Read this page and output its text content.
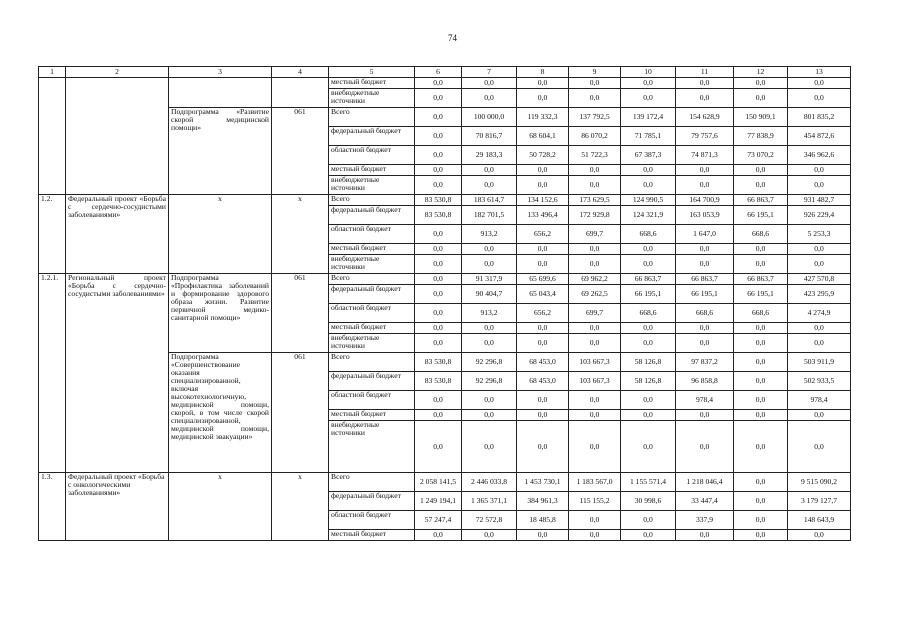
74
1	2	3	4	5	6	7	8	9	10	11	12	13
				местный бюджет	0,0	0,0	0,0	0,0	0,0	0,0	0,0	0,0
				внебюджетные источники	0,0	0,0	0,0	0,0	0,0	0,0	0,0	0,0
		Подпрограмма «Развитие скорой медицинской помощи»	061	Всего	0,0	100 000,0	119 332,3	137 792,5	139 172,4	154 628,9	150 909,1	801 835,2
				федеральный бюджет	0,0	70 816,7	68 604,1	86 070,2	71 785,1	79 757,6	77 838,9	454 872,6
				областной бюджет	0,0	29 183,3	50 728,2	51 722,3	67 387,3	74 871,3	73 070,2	346 962,6
				местный бюджет	0,0	0,0	0,0	0,0	0,0	0,0	0,0	0,0
				внебюджетные источники	0,0	0,0	0,0	0,0	0,0	0,0	0,0	0,0
1.2.	Федеральный проект «Борьба с сердечно-сосудистыми заболеваниями»	х	х	Всего	83 530,8	183 614,7	134 152,6	173 629,5	124 990,5	164 700,9	66 863,7	931 482,7
				федеральный бюджет	83 530,8	182 701,5	133 496,4	172 929,8	124 321,9	163 053,9	66 195,1	926 229,4
				областной бюджет	0,0	913,2	656,2	699,7	668,6	1 647,0	668,6	5 253,3
				местный бюджет	0,0	0,0	0,0	0,0	0,0	0,0	0,0	0,0
				внебюджетные источники	0,0	0,0	0,0	0,0	0,0	0,0	0,0	0,0
1.2.1.	Региональный проект «Борьба с сердечно-сосудистыми заболеваниями»	Подпрограмма «Профилактика заболеваний и формирование здорового образа жизни. Развитие первичной медико-санитарной помощи»	061	Всего	0,0	91 317,9	65 699,6	69 962,2	66 863,7	66 863,7	66 863,7	427 570,8
				федеральный бюджет	0,0	90 404,7	65 043,4	69 262,5	66 195,1	66 195,1	66 195,1	423 295,9
				областной бюджет	0,0	913,2	656,2	699,7	668,6	668,6	668,6	4 274,9
				местный бюджет	0,0	0,0	0,0	0,0	0,0	0,0	0,0	0,0
				внебюджетные источники	0,0	0,0	0,0	0,0	0,0	0,0	0,0	0,0
		Подпрограмма «Совершенствование оказания специализированной, включая высокотехнологичную, медицинской помощи, скорой, в том числе скорой специализированной, медицинской помощи, медицинской эвакуации»	061	Всего	83 530,8	92 296,8	68 453,0	103 667,3	58 126,8	97 837,2	0,0	503 911,9
				федеральный бюджет	83 530,8	92 296,8	68 453,0	103 667,3	58 126,8	96 858,8	0,0	502 933,5
				областной бюджет	0,0	0,0	0,0	0,0	0,0	978,4	0,0	978,4
				местный бюджет	0,0	0,0	0,0	0,0	0,0	0,0	0,0	0,0
				внебюджетные источники	0,0	0,0	0,0	0,0	0,0	0,0	0,0	0,0
1.3.	Федеральный проект «Борьба с онкологическими заболеваниями»	х	х	Всего	2 058 141,5	2 446 033,8	1 453 730,1	1 183 567,0	1 155 571,4	1 218 046,4	0,0	9 515 090,2
				федеральный бюджет	1 249 194,1	1 365 371,1	384 961,3	115 155,2	30 998,6	33 447,4	0,0	3 179 127,7
				областной бюджет	57 247,4	72 572,8	18 485,8	0,0	0,0	337,9	0,0	148 643,9
				местный бюджет	0,0	0,0	0,0	0,0	0,0	0,0	0,0	0,0
